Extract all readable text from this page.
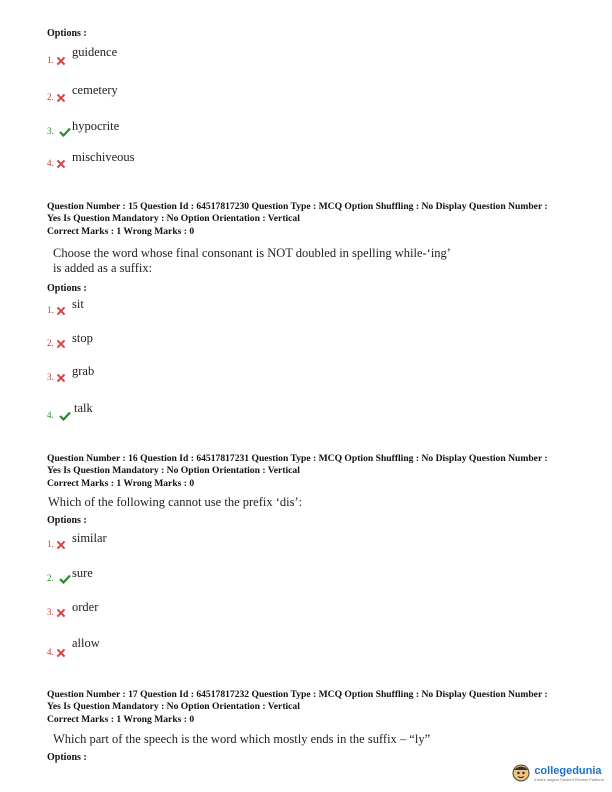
Options :
1.
guidence
2.	cemetery
3.	hypocrite
4.	mischiveous
Question Number : 15 Question Id : 64517817230 Question Type : MCQ Option Shuffling : No Display Question Number :
Yes Is Question Mandatory : No Option Orientation : Vertical
Correct Marks : 1 Wrong Marks : 0
Choose the word whose final consonant is NOT doubled in spelling while-‘ing’
is added as a suffix:
Options :
1.	sit
2.	stop
3.	grab
4.	talk
Question Number : 16 Question Id : 64517817231 Question Type : MCQ Option Shuffling : No Display Question Number :
Yes Is Question Mandatory : No Option Orientation : Vertical
Correct Marks : 1 Wrong Marks : 0
Which of the following cannot use the prefix ‘dis’:
Options :
1.	similar
2.	sure
3.	order
4.
allow
Question Number : 17 Question Id : 64517817232 Question Type : MCQ Option Shuffling : No Display Question Number :
Yes Is Question Mandatory : No Option Orientation : Vertical
Correct Marks : 1 Wrong Marks : 0
Which part of the speech is the word which mostly ends in the suffix – “ly”
Options :
collegedunia
India's largest Student Review Platform
